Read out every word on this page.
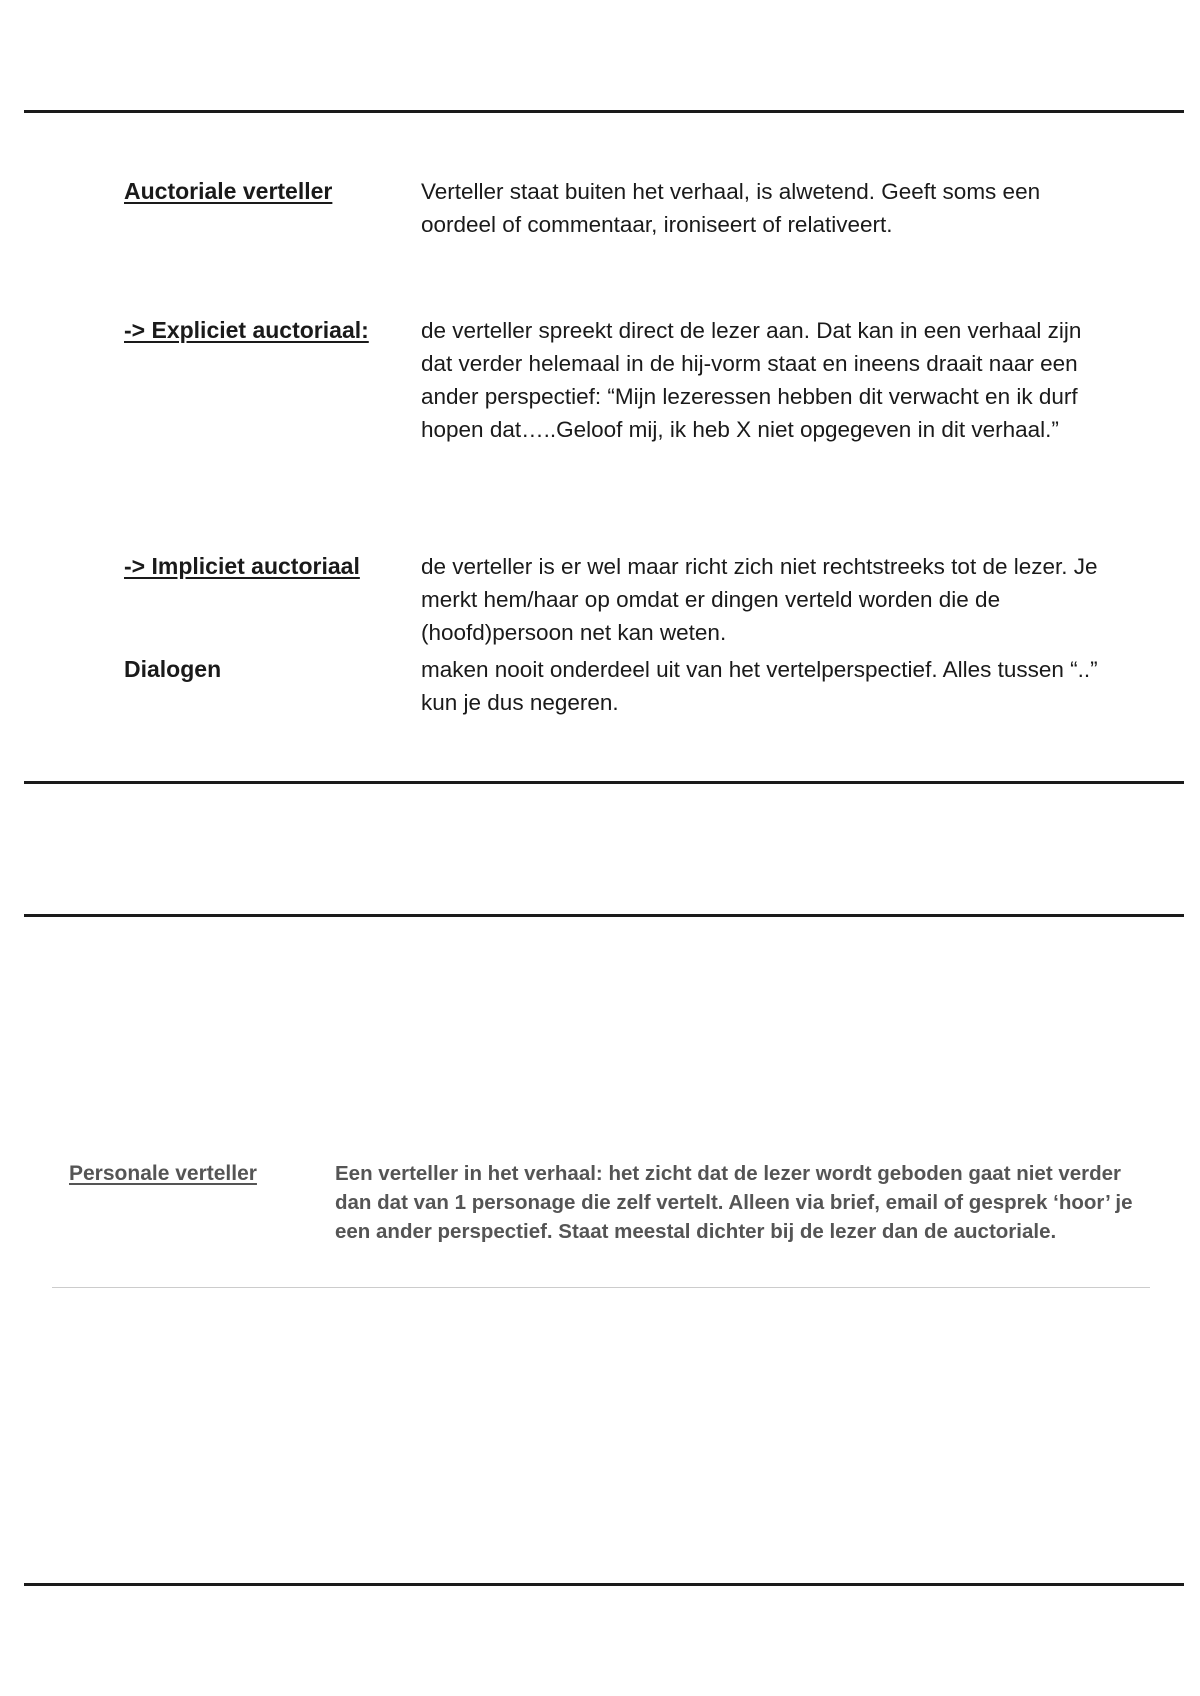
Auctoriale verteller	Verteller staat buiten het verhaal, is alwetend. Geeft soms een oordeel of commentaar, ironiseert of relativeert.
-> Expliciet auctoriaal:	de verteller spreekt direct de lezer aan. Dat kan in een verhaal zijn dat verder helemaal in de hij-vorm staat en ineens draait naar een ander perspectief: “Mijn lezeressen hebben dit verwacht en ik durf hopen dat…..Geloof mij, ik heb X niet opgegeven in dit verhaal.”
-> Impliciet auctoriaal	de verteller is er wel maar richt zich niet rechtstreeks tot de lezer. Je merkt hem/haar op omdat er dingen verteld worden die de (hoofd)persoon net kan weten.
Dialogen	maken nooit onderdeel uit van het vertelperspectief. Alles tussen “..” kun je dus negeren.
Personale verteller	Een verteller in het verhaal: het zicht dat de lezer wordt geboden gaat niet verder dan dat van 1 personage die zelf vertelt. Alleen via brief, email of gesprek ‘hoor’ je een ander perspectief. Staat meestal dichter bij de lezer dan de auctoriale.
